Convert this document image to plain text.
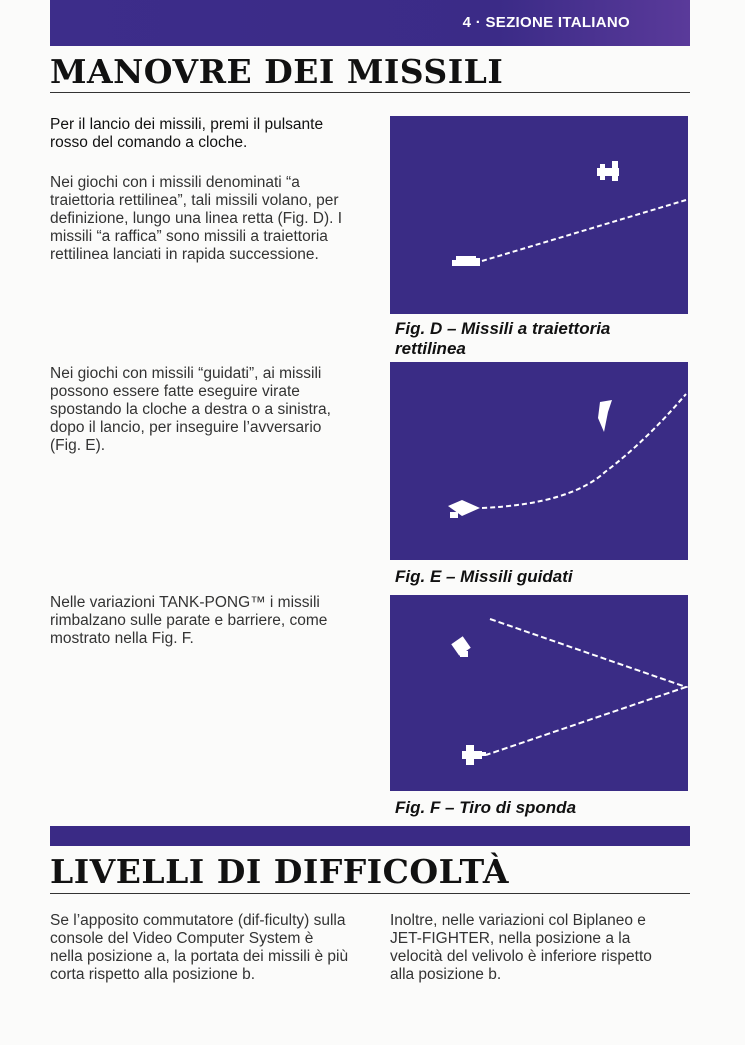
4 · SEZIONE ITALIANO
MANOVRE DEI MISSILI

Per il lancio dei missili, premi il pulsante rosso del comando a cloche.

Nei giochi con i missili denominati “a traiettoria rettilinea”, tali missili volano, per definizione, lungo una linea retta (Fig. D). I missili “a raffica” sono missili a traiettoria rettilinea lanciati in rapida successione.

Fig. D – Missili a traiettoria rettilinea

Nei giochi con missili “guidati”, ai missili possono essere fatte eseguire virate spostando la cloche a destra o a sinistra, dopo il lancio, per inseguire l’avversario (Fig. E).

Fig. E – Missili guidati

Nelle variazioni TANK-PONG™ i missili rimbalzano sulle parate e barriere, come mostrato nella Fig. F.

Fig. F – Tiro di sponda
LIVELLI DI DIFFICOLTÀ

Se l’apposito commutatore (dif-ficulty) sulla console del Video Computer System è nella posizione a, la portata dei missili è più corta rispetto alla posizione b.

Inoltre, nelle variazioni col Biplaneo e JET-FIGHTER, nella posizione a la velocità del velivolo è inferiore rispetto alla posizione b.
